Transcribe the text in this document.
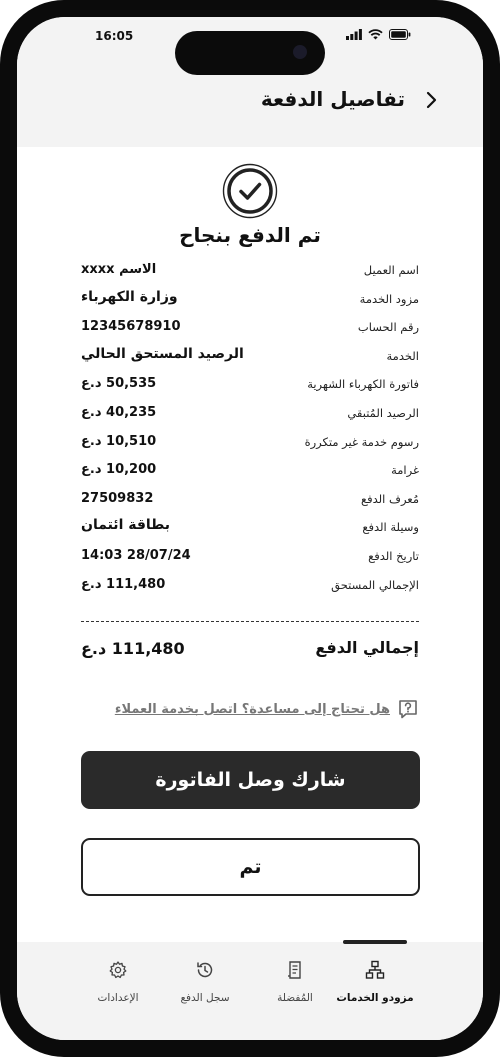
16:05
تفاصيل الدفعة
تم الدفع بنجاح
اسم العميل
الاسم xxxx
مزود الخدمة
وزارة الكهرباء
رقم الحساب
12345678910
الخدمة
الرصيد المستحق الحالي
فاتورة الكهرباء الشهرية
50,535 د.ع
الرصيد المُتبقي
40,235 د.ع
رسوم خدمة غير متكررة
10,510 د.ع
غرامة
10,200 د.ع
مُعرف الدفع
27509832
وسيلة الدفع
بطاقة ائتمان
تاريخ الدفع
28/07/24 14:03
الإجمالي المستحق
111,480 د.ع
إجمالي الدفع
111,480 د.ع
هل تحتاج إلى مساعدة؟ اتصل بخدمة العملاء
شارك وصل الفاتورة
تم
مزودو الخدمات
المُفضلة
سجل الدفع
الإعدادات
